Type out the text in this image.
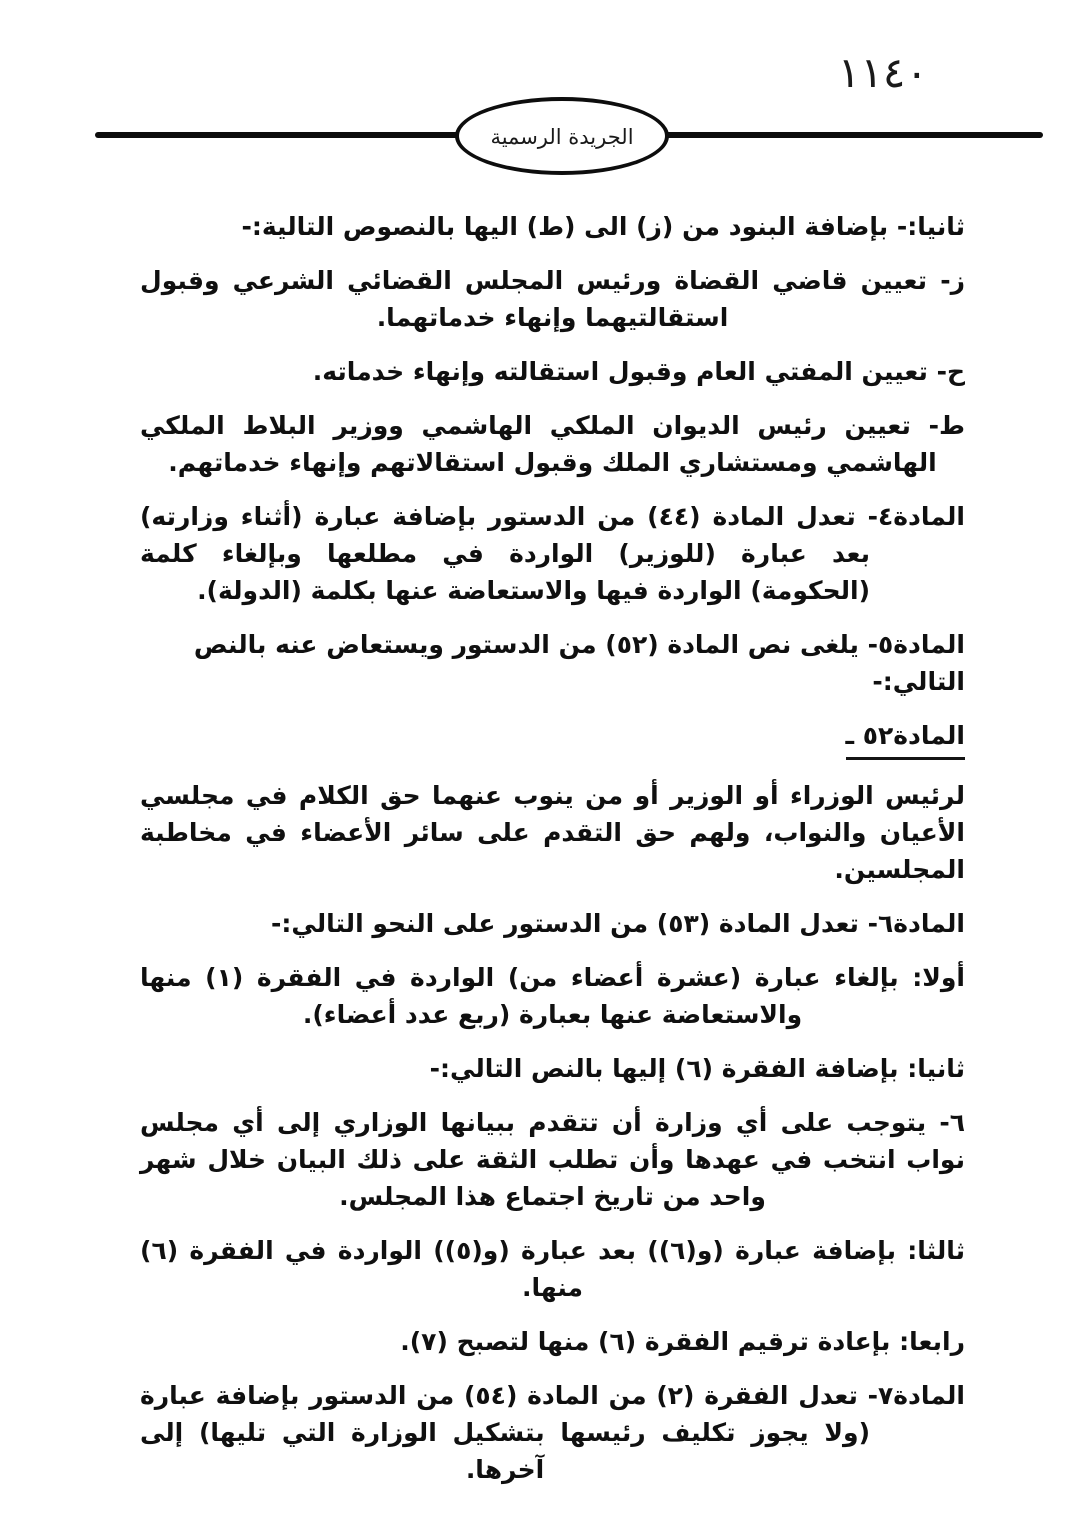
١١٤٠
الجريدة الرسمية

ثانيا:- بإضافة البنود من (ز) الى (ط) اليها بالنصوص التالية:-

ز- تعيين قاضي القضاة ورئيس المجلس القضائي الشرعي وقبول استقالتيهما وإنهاء خدماتهما.

ح- تعيين المفتي العام وقبول استقالته وإنهاء خدماته.

ط- تعيين رئيس الديوان الملكي الهاشمي ووزير البلاط الملكي الهاشمي ومستشاري الملك وقبول استقالاتهم وإنهاء خدماتهم.

المادة٤- تعدل المادة (٤٤) من الدستور بإضافة عبارة (أثناء وزارته) بعد عبارة (للوزير) الواردة في مطلعها وبإلغاء كلمة (الحكومة) الواردة فيها والاستعاضة عنها بكلمة (الدولة).

المادة٥- يلغى نص المادة (٥٢) من الدستور ويستعاض عنه بالنص التالي:-

المادة٥٢ ـ

لرئيس الوزراء أو الوزير أو من ينوب عنهما حق الكلام في مجلسي الأعيان والنواب، ولهم حق التقدم على سائر الأعضاء في مخاطبة المجلسين.

المادة٦- تعدل المادة (٥٣) من الدستور على النحو التالي:-

أولا: بإلغاء عبارة (عشرة أعضاء من) الواردة في الفقرة (١) منها والاستعاضة عنها بعبارة (ربع عدد أعضاء).

ثانيا: بإضافة الفقرة (٦) إليها بالنص التالي:-

٦- يتوجب على أي وزارة أن تتقدم ببيانها الوزاري إلى أي مجلس نواب انتخب في عهدها وأن تطلب الثقة على ذلك البيان خلال شهر واحد من تاريخ اجتماع هذا المجلس.

ثالثا: بإضافة عبارة (و(٦)) بعد عبارة (و(٥)) الواردة في الفقرة (٦) منها.

رابعا: بإعادة ترقيم الفقرة (٦) منها لتصبح (٧).

المادة٧- تعدل الفقرة (٢) من المادة (٥٤) من الدستور بإضافة عبارة (ولا يجوز تكليف رئيسها بتشكيل الوزارة التي تليها) إلى آخرها.
